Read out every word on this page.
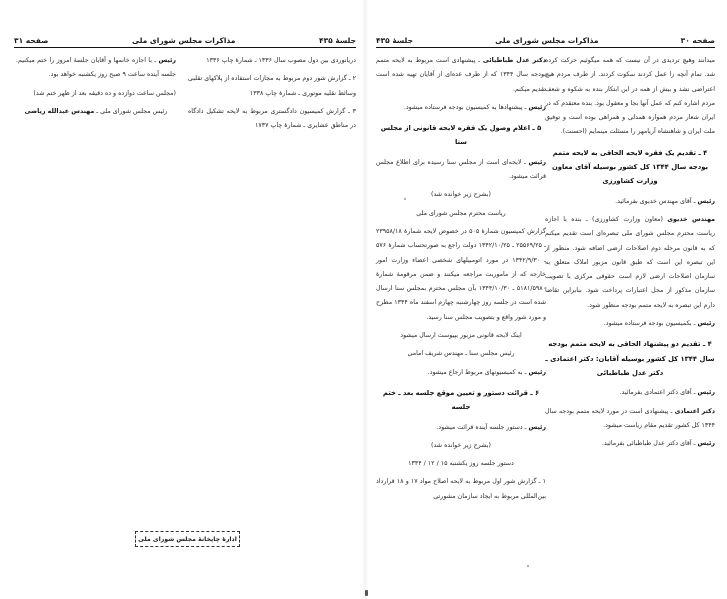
جلسهٔ ۴۳۵
مذاکرات مجلس شورای ملی
صفحه ۳۱
دریانوردی بین دول مصوب سال ۱۳۳۶ ـ شمارهٔ چاپ ۱۳۳۶
۲ ـ گزارش شور دوم مربوط به مجازات استفاده از پلاکهای تقلبی وسائط نقلیه موتوری ـ شمارهٔ چاپ ۱۳۳۸
۳ ـ گزارش کمیسیون دادگستری مربوط به لایحه تشکیل دادگاه در مناطق عشایری ـ شمارهٔ چاپ ۱۷۳۷
رئیس ـ با اجازه خانمها و آقایان جلسهٔ امروز را ختم میکنیم. جلسه آینده ساعت ۹ صبح روز یکشنبه خواهد بود.
(مجلس ساعت دوازده و ده دقیقه بعد از ظهر ختم شد)
رئیس مجلس شورای ملی ـ مهندس عبدالله ریاضی
ادارهٔ چاپخانهٔ مجلس شورای ملی
صفحه ۳۰
مذاکرات مجلس شورای ملی
جلسهٔ ۴۳۵
میدانند وهیچ تردیدی در آن نیست که همه میگوئیم حرکت کرده شد. تمام آنچه را عمل کردند سکوت کردند. از طرف مردم هیچ اعتراضی نشد و بیش از همه در این ابتکار بنده به شکوه و شعف مردم اشاره کنم که عمل آنها بجا و معقول بود. بنده معتقدم که در ایران شعار مردم همواره همدلی و همراهی بوده است و توفیق ملت ایران و شاهنشاه آریامهر را مسئلت مینمایم (احسنت).
۴ ـ تقدیم یک فقره لایحه الحاقی به لایحه متمم بودجه سال ۱۳۴۴ کل کشور بوسیله آقای معاون وزارت کشاورزی
رئیس ـ آقای مهندس خدیوی بفرمائید.
مهندس خدیوی (معاون وزارت کشاورزی) ـ بنده با اجازه ریاست محترم مجلس شورای ملی تبصره‌ای است تقدیم میکنم که به قانون مرحله دوم اصلاحات ارضی اضافه شود. منظور از این تبصره این است که طبق قانون مزبور املاک متعلق به سازمان اصلاحات ارضی لازم است حقوقی مرکزی با تصویب سازمان مذکور از محل اعتبارات پرداخت شود. بنابراین تقاضا دارم این تبصره به لایحه متمم بودجه منظور شود.
رئیس ـ بکمیسیون بودجه فرستاده میشود.
۴ ـ تقدیم دو پیشنهاد الحاقی به لایحه متمم بودجه سال ۱۳۴۴ کل کشور بوسیله آقایان: دکتر اعتمادی ـ دکتر عدل طباطبائی
رئیس ـ آقای دکتر اعتمادی بفرمائید.
دکتر اعتمادی ـ پیشنهادی است در مورد لایحه متمم بودجه سال ۱۳۴۴ کل کشور تقدیم مقام ریاست میشود.
رئیس ـ آقای دکتر عدل طباطبائی بفرمائید.
دکتر عدل طباطبائی ـ پیشنهادی است مربوط به لایحه متمم بودجه سال ۱۳۴۴ که از طرف عده‌ای از آقایان تهیه شده است تقدیم میکنم.
رئیس ـ پیشنهادها به کمیسیون بودجه فرستاده میشود.
۵ ـ اعلام وصول یک فقره لایحه قانونی از مجلس سنا
رئیس ـ لایحه‌ای است از مجلس سنا رسیده برای اطلاع مجلس قرائت میشود.
(بشرح زیر خوانده شد)
ریاست محترم مجلس شورای ملی
گزارش کمیسیون شمارهٔ ۵۰۵ در خصوص لایحه شمارهٔ ۲۳۹۵۸/۱۸ ـ ۲۵۵۶۹/۲۵ ـ ۱۳۴۲/۱۰/۲۵ دولت راجع به صورتحساب شمارهٔ ۵۷۶ ـ ۱۳۴۲/۹/۳۰ در مورد اتومبیلهای شخصی اعضاء وزارت امور خارجه که از ماموریت مراجعه میکنند و ضمن مرقومهٔ شمارهٔ ۵۱۸۱/۵۹۸۰ ـ ۱۳۴۴/۱۰/۳۰ بآن مجلس محترم بمجلس سنا ارسال شده است در جلسه روز چهارشنبه چهارم اسفند ماه ۱۳۴۴ مطرح و مورد شور واقع و بتصویب مجلس سنا رسید.
اینک لایحه قانونی مزبور بپیوست ارسال میشود
رئیس مجلس سنا ـ مهندس شریف امامی
رئیس ـ به کمیسیونهای مربوط ارجاع میشود.
۶ ـ قرائت دستور و تعیین موقع جلسه بعد ـ ختم جلسه
رئیس ـ دستور جلسه آینده قرائت میشود.
(بشرح زیر خوانده شد)
دستور جلسه روز یکشنبه ۱۵ / ۱۲ / ۱۳۴۴
۱ ـ گزارش شور اول مربوط به لایحه اصلاح مواد ۱۷ و ۱۸ قرارداد بین‌المللی مربوط به ایجاد سازمان مشورتی
